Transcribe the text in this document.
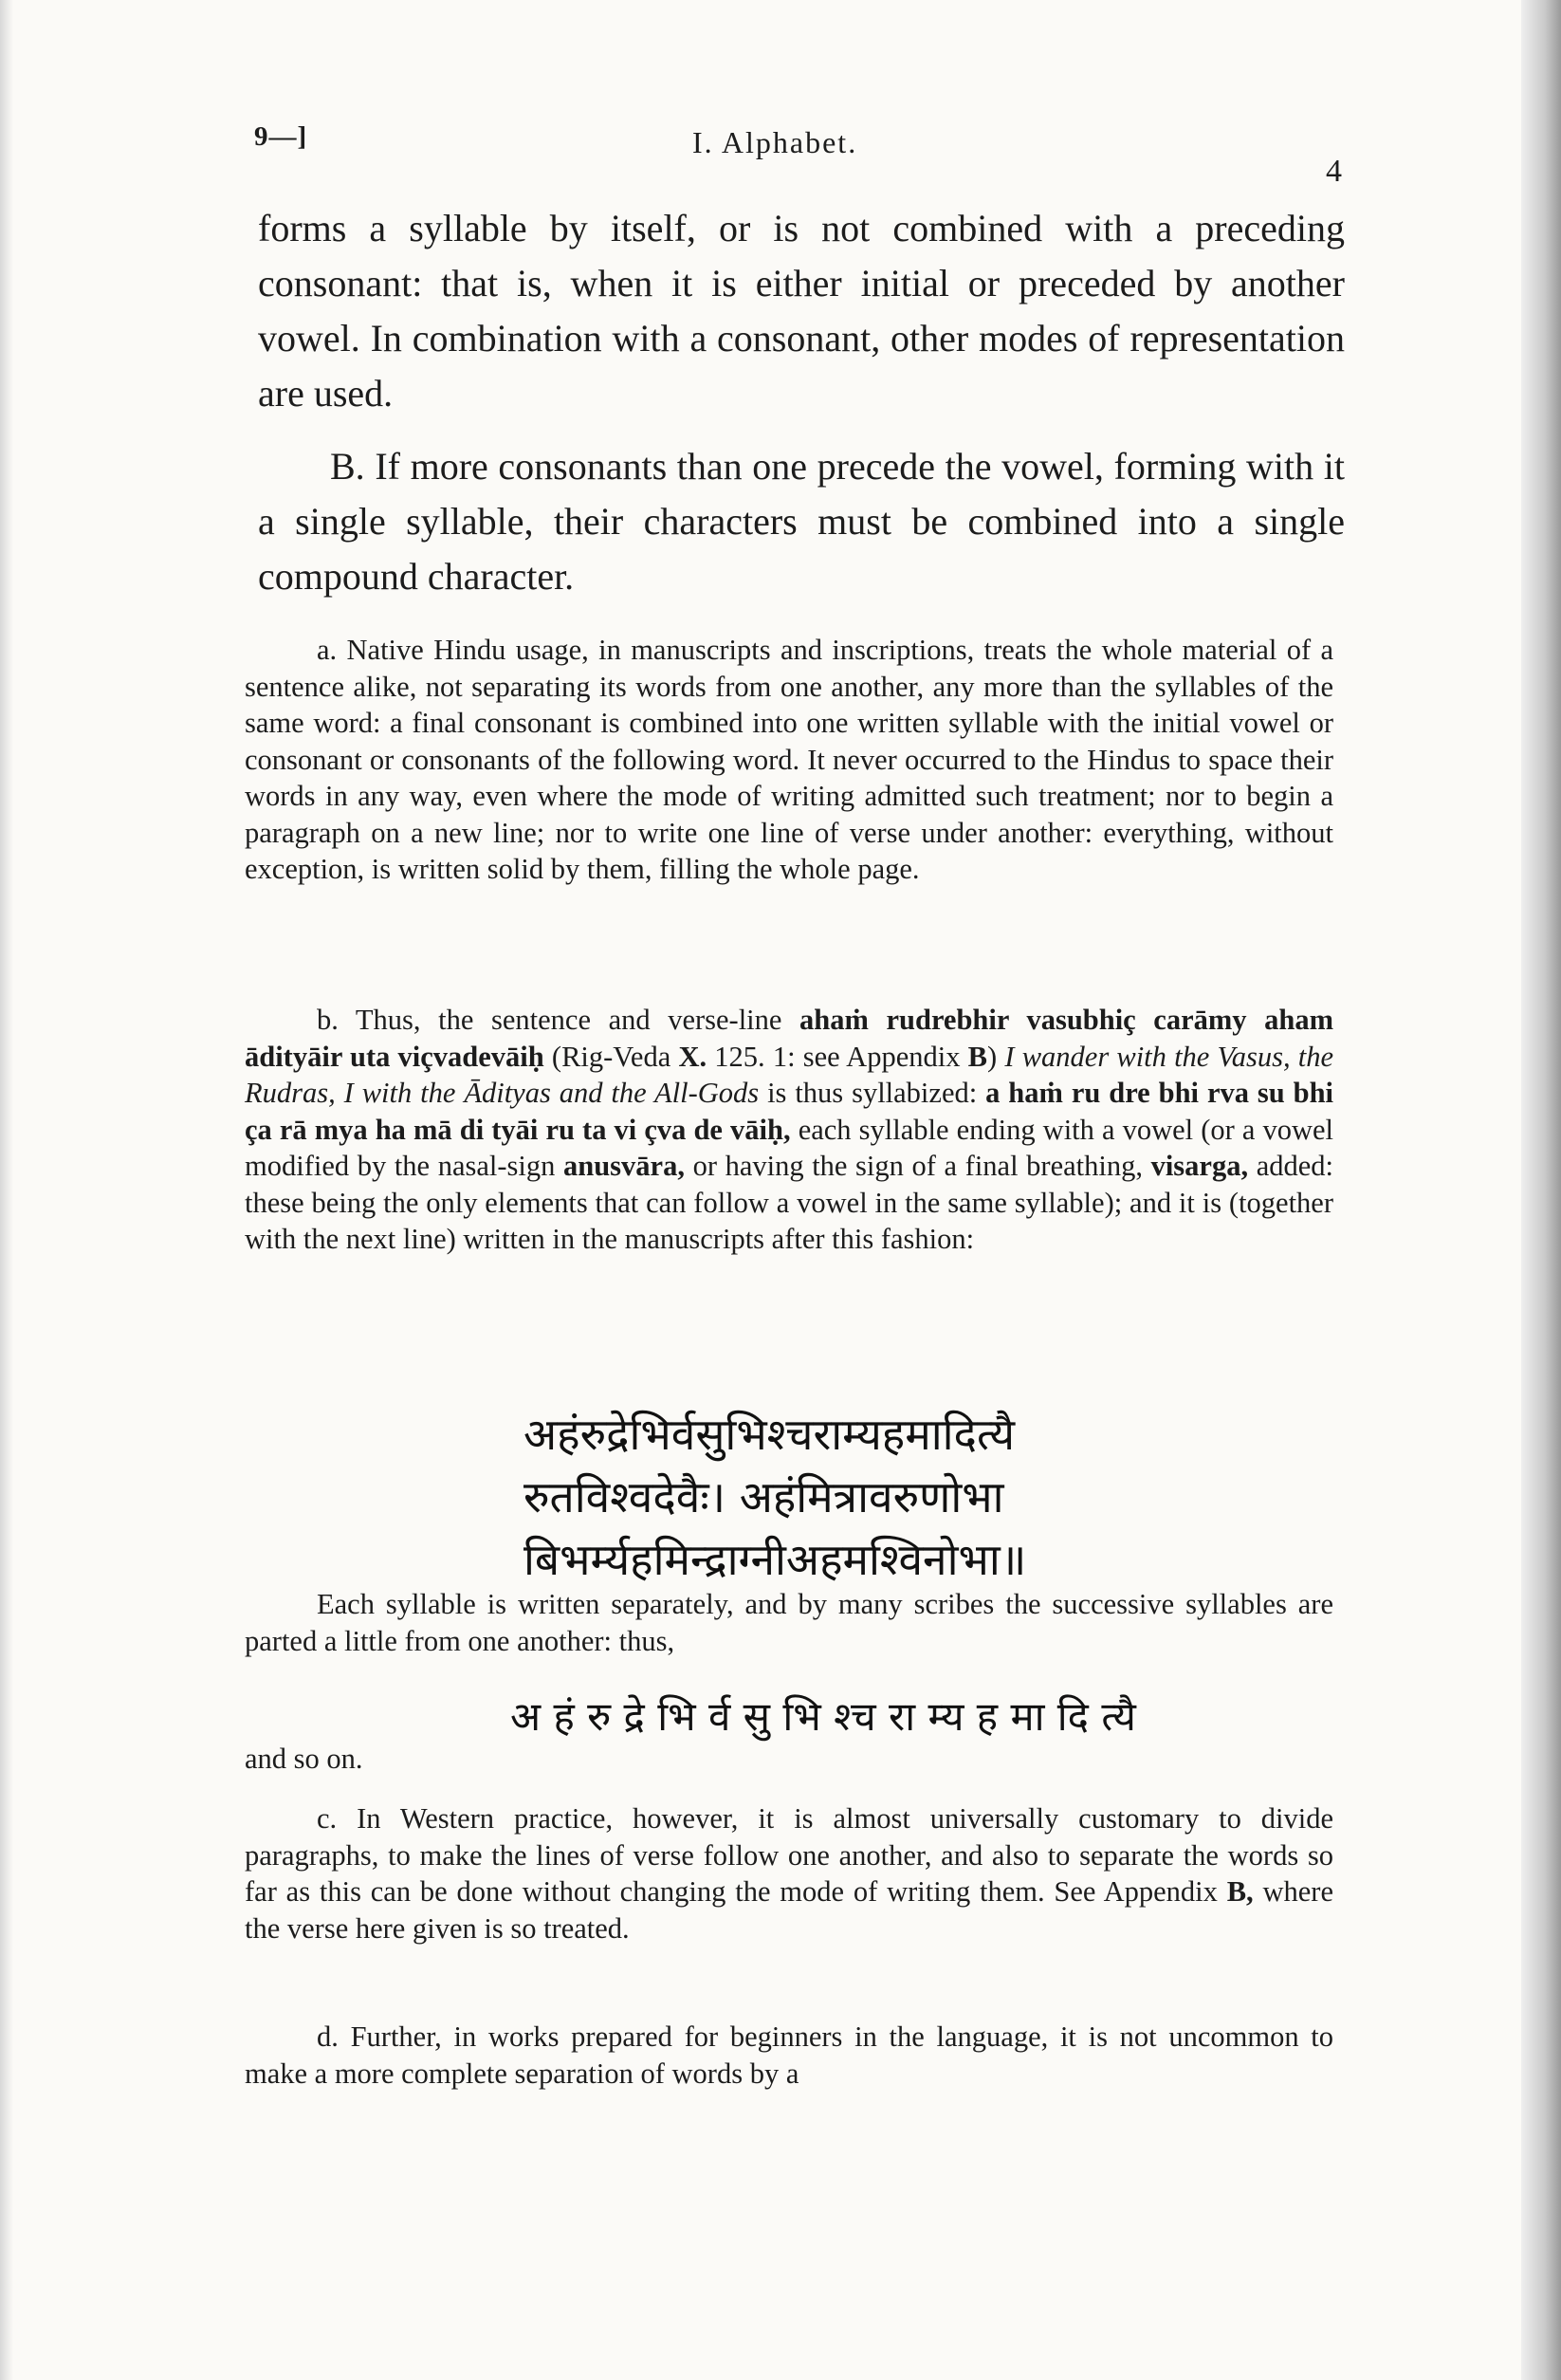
9—]	I. Alphabet.
4

forms a syllable by itself, or is not combined with a preceding consonant: that is, when it is either initial or preceded by another vowel. In combination with a consonant, other modes of representation are used.

B. If more consonants than one precede the vowel, forming with it a single syllable, their characters must be combined into a single compound character.

a. Native Hindu usage, in manuscripts and inscriptions, treats the whole material of a sentence alike, not separating its words from one another, any more than the syllables of the same word: a final consonant is combined into one written syllable with the initial vowel or consonant or consonants of the following word. It never occurred to the Hindus to space their words in any way, even where the mode of writing admitted such treatment; nor to begin a paragraph on a new line; nor to write one line of verse under another: everything, without exception, is written solid by them, filling the whole page.

b. Thus, the sentence and verse-line ahaṁ rudrebhir vasubhiç carāmy aham ādityāir uta viçvadevāiḥ (Rig-Veda X. 125. 1: see Appendix B) I wander with the Vasus, the Rudras, I with the Ādityas and the All-Gods is thus syllabized: a haṁ ru dre bhi rva su bhi ça rā mya ha mā di tyāi ru ta vi çva de vāiḥ, each syllable ending with a vowel (or a vowel modified by the nasal-sign anusvāra, or having the sign of a final breathing, visarga, added: these being the only elements that can follow a vowel in the same syllable); and it is (together with the next line) written in the manuscripts after this fashion:

अहंरुद्रेभिर्वसुभिश्चराम्यहमादित्यै
रुतविश्वदेवैः। अहंमित्रावरुणोभा
बिभर्म्यहमिन्द्राग्नीअहमश्विनोभा॥

Each syllable is written separately, and by many scribes the successive syllables are parted a little from one another: thus,

अ हं रु द्रे भि र्व सु भि श्च रा म्य ह मा दि त्यै

and so on.

c. In Western practice, however, it is almost universally customary to divide paragraphs, to make the lines of verse follow one another, and also to separate the words so far as this can be done without changing the mode of writing them. See Appendix B, where the verse here given is so treated.

d. Further, in works prepared for beginners in the language, it is not uncommon to make a more complete separation of words by a
